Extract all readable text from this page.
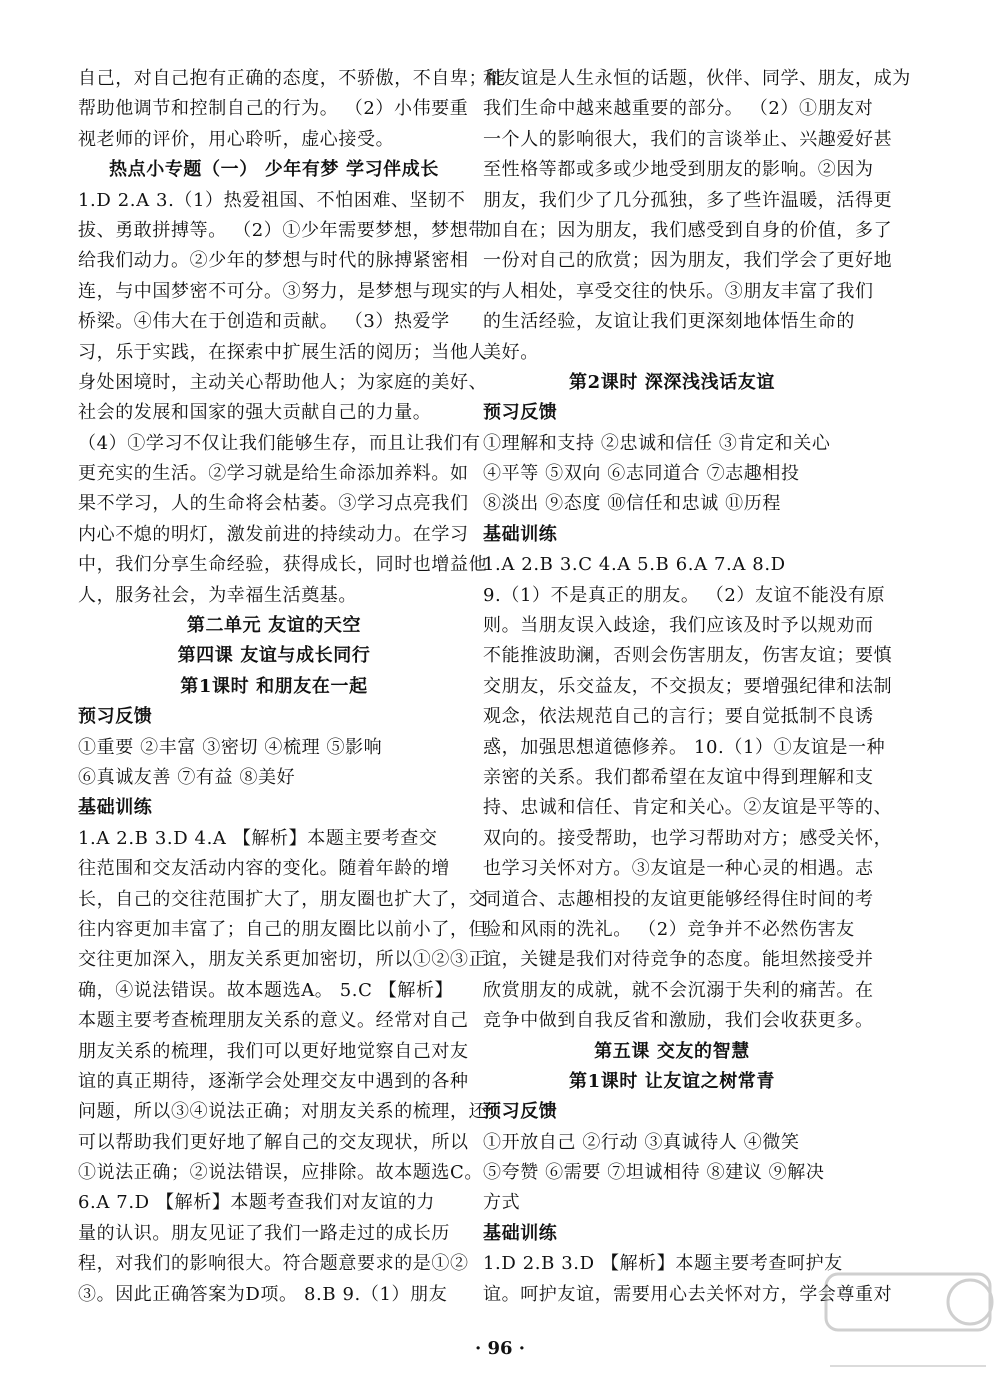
自己，对自己抱有正确的态度，不骄傲，不自卑；能
帮助他调节和控制自己的行为。 （2）小伟要重
视老师的评价，用心聆听，虚心接受。
热点小专题（一） 少年有梦 学习伴成长
1.D 2.A 3.（1）热爱祖国、不怕困难、坚韧不
拔、勇敢拼搏等。 （2）①少年需要梦想，梦想带
给我们动力。②少年的梦想与时代的脉搏紧密相
连，与中国梦密不可分。③努力，是梦想与现实的
桥梁。④伟大在于创造和贡献。 （3）热爱学
习，乐于实践，在探索中扩展生活的阅历；当他人
身处困境时，主动关心帮助他人；为家庭的美好、
社会的发展和国家的强大贡献自己的力量。
（4）①学习不仅让我们能够生存，而且让我们有
更充实的生活。②学习就是给生命添加养料。如
果不学习，人的生命将会枯萎。③学习点亮我们
内心不熄的明灯，激发前进的持续动力。在学习
中，我们分享生命经验，获得成长，同时也增益他
人，服务社会，为幸福生活奠基。
第二单元 友谊的天空
第四课 友谊与成长同行
第1课时 和朋友在一起
预习反馈
①重要 ②丰富 ③密切 ④梳理 ⑤影响
⑥真诚友善 ⑦有益 ⑧美好
基础训练
1.A 2.B 3.D 4.A 【解析】本题主要考查交
往范围和交友活动内容的变化。随着年龄的增
长，自己的交往范围扩大了，朋友圈也扩大了，交
往内容更加丰富了；自己的朋友圈比以前小了，但
交往更加深入，朋友关系更加密切，所以①②③正
确，④说法错误。故本题选A。 5.C 【解析】
本题主要考查梳理朋友关系的意义。经常对自己
朋友关系的梳理，我们可以更好地觉察自己对友
谊的真正期待，逐渐学会处理交友中遇到的各种
问题，所以③④说法正确；对朋友关系的梳理，还
可以帮助我们更好地了解自己的交友现状，所以
①说法正确；②说法错误，应排除。故本题选C。
6.A 7.D 【解析】本题考查我们对友谊的力
量的认识。朋友见证了我们一路走过的成长历
程，对我们的影响很大。符合题意要求的是①②
③。因此正确答案为D项。 8.B 9.（1）朋友
和友谊是人生永恒的话题，伙伴、同学、朋友，成为
我们生命中越来越重要的部分。 （2）①朋友对
一个人的影响很大，我们的言谈举止、兴趣爱好甚
至性格等都或多或少地受到朋友的影响。②因为
朋友，我们少了几分孤独，多了些许温暖，活得更
加自在；因为朋友，我们感受到自身的价值，多了
一份对自己的欣赏；因为朋友，我们学会了更好地
与人相处，享受交往的快乐。③朋友丰富了我们
的生活经验，友谊让我们更深刻地体悟生命的
美好。
第2课时 深深浅浅话友谊
预习反馈
①理解和支持 ②忠诚和信任 ③肯定和关心
④平等 ⑤双向 ⑥志同道合 ⑦志趣相投
⑧淡出 ⑨态度 ⑩信任和忠诚 ⑪历程
基础训练
1.A 2.B 3.C 4.A 5.B 6.A 7.A 8.D
9.（1）不是真正的朋友。 （2）友谊不能没有原
则。当朋友误入歧途，我们应该及时予以规劝而
不能推波助澜，否则会伤害朋友，伤害友谊；要慎
交朋友，乐交益友，不交损友；要增强纪律和法制
观念，依法规范自己的言行；要自觉抵制不良诱
惑，加强思想道德修养。 10.（1）①友谊是一种
亲密的关系。我们都希望在友谊中得到理解和支
持、忠诚和信任、肯定和关心。②友谊是平等的、
双向的。接受帮助，也学习帮助对方；感受关怀，
也学习关怀对方。③友谊是一种心灵的相遇。志
同道合、志趣相投的友谊更能够经得住时间的考
验和风雨的洗礼。 （2）竞争并不必然伤害友
谊，关键是我们对待竞争的态度。能坦然接受并
欣赏朋友的成就，就不会沉溺于失利的痛苦。在
竞争中做到自我反省和激励，我们会收获更多。
第五课 交友的智慧
第1课时 让友谊之树常青
预习反馈
①开放自己 ②行动 ③真诚待人 ④微笑
⑤夸赞 ⑥需要 ⑦坦诚相待 ⑧建议 ⑨解决
方式
基础训练
1.D 2.B 3.D 【解析】本题主要考查呵护友
谊。呵护友谊，需要用心去关怀对方，学会尊重对
· 96 ·
